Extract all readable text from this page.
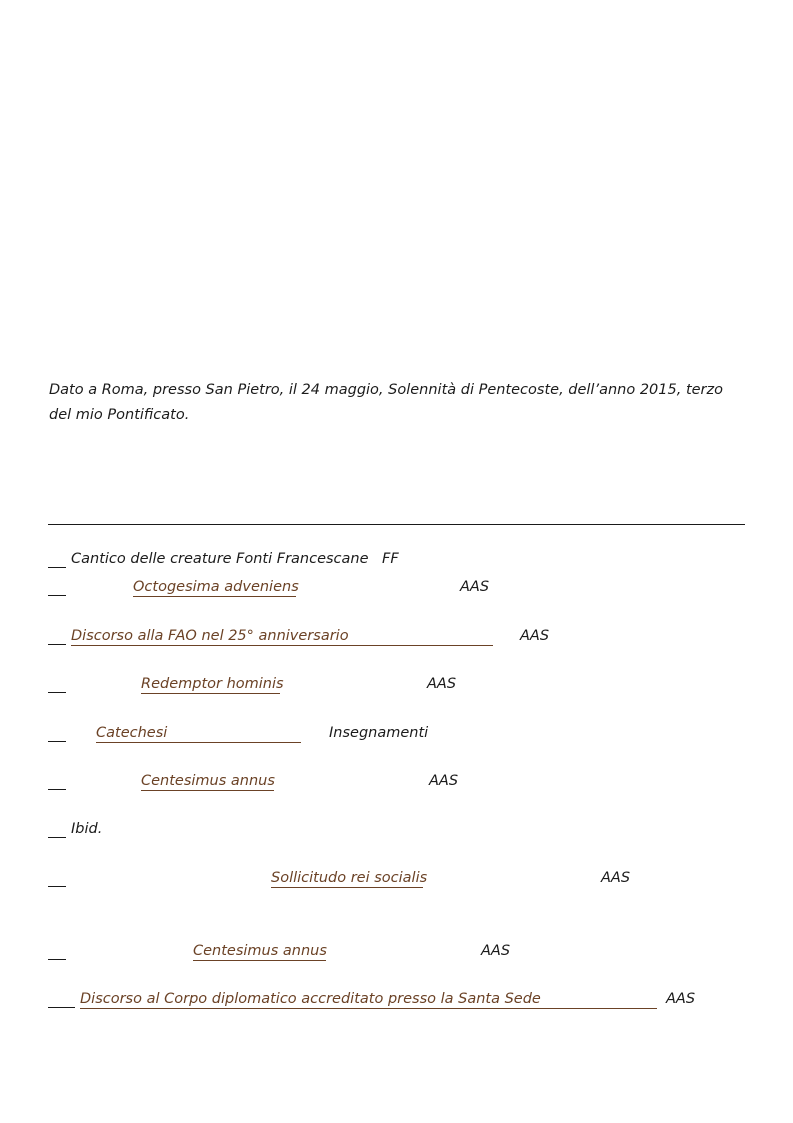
Dato a Roma, presso San Pietro, il 24 maggio, Solennità di Pentecoste, dell’anno 2015, terzo del mio Pontificato.
Cantico delle creature Fonti Francescane FF
Octogesima adveniens	AAS
Discorso alla FAO nel 25° anniversario	AAS
Redemptor hominis	AAS
Catechesi	Insegnamenti
Centesimus annus	AAS
Ibid.
Sollicitudo rei socialis	AAS
Centesimus annus	AAS
Discorso al Corpo diplomatico accreditato presso la Santa Sede	AAS
